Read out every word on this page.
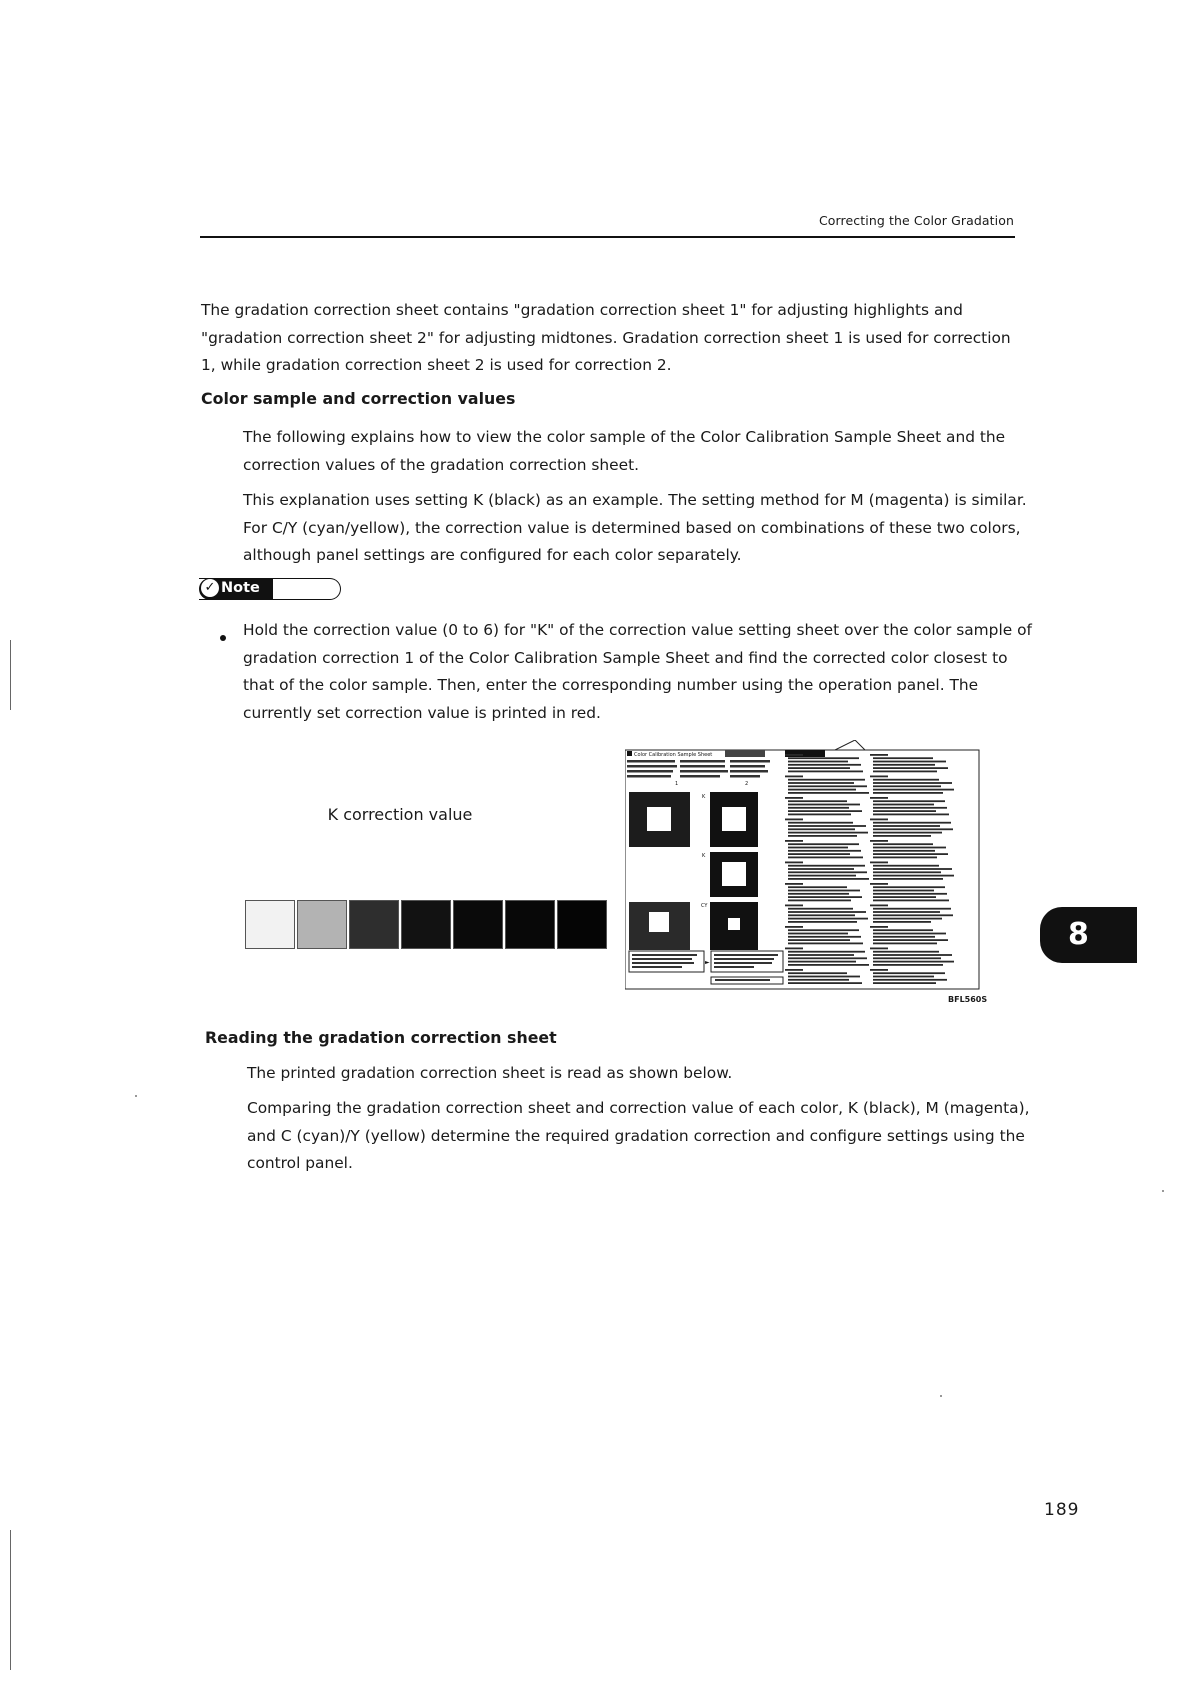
Correcting the Color Gradation

The gradation correction sheet contains "gradation correction sheet 1" for adjusting highlights and "gradation correction sheet 2" for adjusting midtones. Gradation correction sheet 1 is used for correction 1, while gradation correction sheet 2 is used for correction 2.

Color sample and correction values

The following explains how to view the color sample of the Color Calibration Sample Sheet and the correction values of the gradation correction sheet.

This explanation uses setting K (black) as an example. The setting method for M (magenta) is similar. For C/Y (cyan/yellow), the correction value is determined based on combinations of these two colors, although panel settings are configured for each color separately.

✓ Note

Hold the correction value (0 to 6) for "K" of the correction value setting sheet over the color sample of gradation correction 1 of the Color Calibration Sample Sheet and find the corrected color closest to that of the color sample. Then, enter the corresponding number using the operation panel. The currently set correction value is printed in red.

K correction value
Color Calibration Sample Sheet
1	2
K
K
CY
►
BFL560S
Reading the gradation correction sheet

The printed gradation correction sheet is read as shown below.

Comparing the gradation correction sheet and correction value of each color, K (black), M (magenta), and C (cyan)/Y (yellow) determine the required gradation correction and configure settings using the control panel.

8
189
